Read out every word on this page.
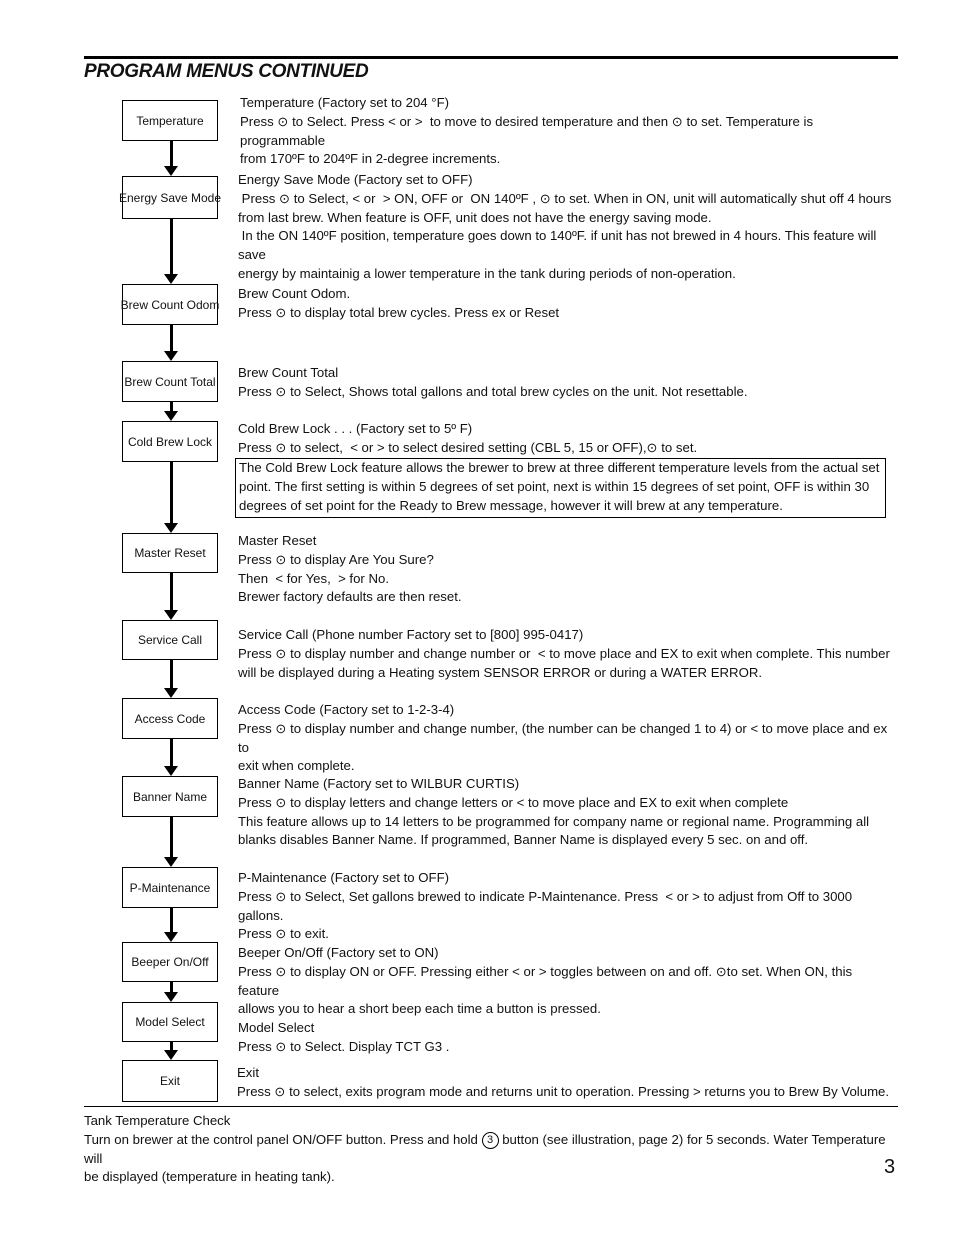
PROGRAM MENUS CONTINUED
Temperature
Energy Save Mode
Brew Count Odom
Brew Count Total
Cold Brew Lock
Master Reset
Service Call
Access Code
Banner Name
P-Maintenance
Beeper On/Off
Model Select
Exit

Temperature (Factory set to 204 °F)

Press ⊙ to Select. Press < or >  to move to desired temperature and then ⊙ to set. Temperature is programmable

from 170ºF to 204ºF in 2-degree increments.

Energy Save Mode (Factory set to OFF)

Press ⊙ to Select, < or  > ON, OFF or  ON 140ºF , ⊙ to set. When in ON, unit will automatically shut off 4 hours

from last brew. When feature is OFF, unit does not have the energy saving mode.

In the ON 140ºF position, temperature goes down to 140ºF. if unit has not brewed in 4 hours. This feature will save

energy by maintainig a lower temperature in the tank during periods of non-operation.

Brew Count Odom.

Press ⊙ to display total brew cycles. Press ex or Reset

Brew Count Total

Press ⊙ to Select, Shows total gallons and total brew cycles on the unit. Not resettable.

Cold Brew Lock . . . (Factory set to 5º F)

Press ⊙ to select,  < or > to select desired setting (CBL 5, 15 or OFF),⊙ to set.

The Cold Brew Lock feature allows the brewer to brew at three different temperature levels from the actual set
point. The first setting is within 5 degrees of set point, next is within 15 degrees of set point, OFF is within 30
degrees of set point for the Ready to Brew message, however it will brew at any temperature.

Master Reset

Press ⊙ to display Are You Sure?

Then  < for Yes,  > for No.

Brewer factory defaults are then reset.

Service Call (Phone number Factory set to [800] 995-0417)

Press ⊙ to display number and change number or  < to move place and EX to exit when complete. This number

will be displayed during a Heating system SENSOR ERROR or during a WATER ERROR.

Access Code (Factory set to 1-2-3-4)

Press ⊙ to display number and change number, (the number can be changed 1 to 4) or < to move place and ex to

exit when complete.

Banner Name (Factory set to WILBUR CURTIS)

Press ⊙ to display letters and change letters or < to move place and EX to exit when complete

This feature allows up to 14 letters to be programmed for company name or regional name. Programming all

blanks disables Banner Name. If programmed, Banner Name is displayed every 5 sec. on and off.

P-Maintenance (Factory set to OFF)

Press ⊙ to Select, Set gallons brewed to indicate P-Maintenance. Press  < or > to adjust from Off to 3000 gallons.

Press ⊙ to exit.

Beeper On/Off (Factory set to ON)

Press ⊙ to display ON or OFF. Pressing either < or > toggles between on and off. ⊙to set. When ON, this feature

allows you to hear a short beep each time a button is pressed.

Model Select

Press ⊙ to Select. Display TCT G3 .

Exit

Press ⊙ to select, exits program mode and returns unit to operation. Pressing > returns you to Brew By Volume.

Tank Temperature Check
Turn on brewer at the control panel ON/OFF button. Press and hold 3 button (see illustration, page 2) for 5 seconds. Water Temperature will
be displayed (temperature in heating tank).	3
